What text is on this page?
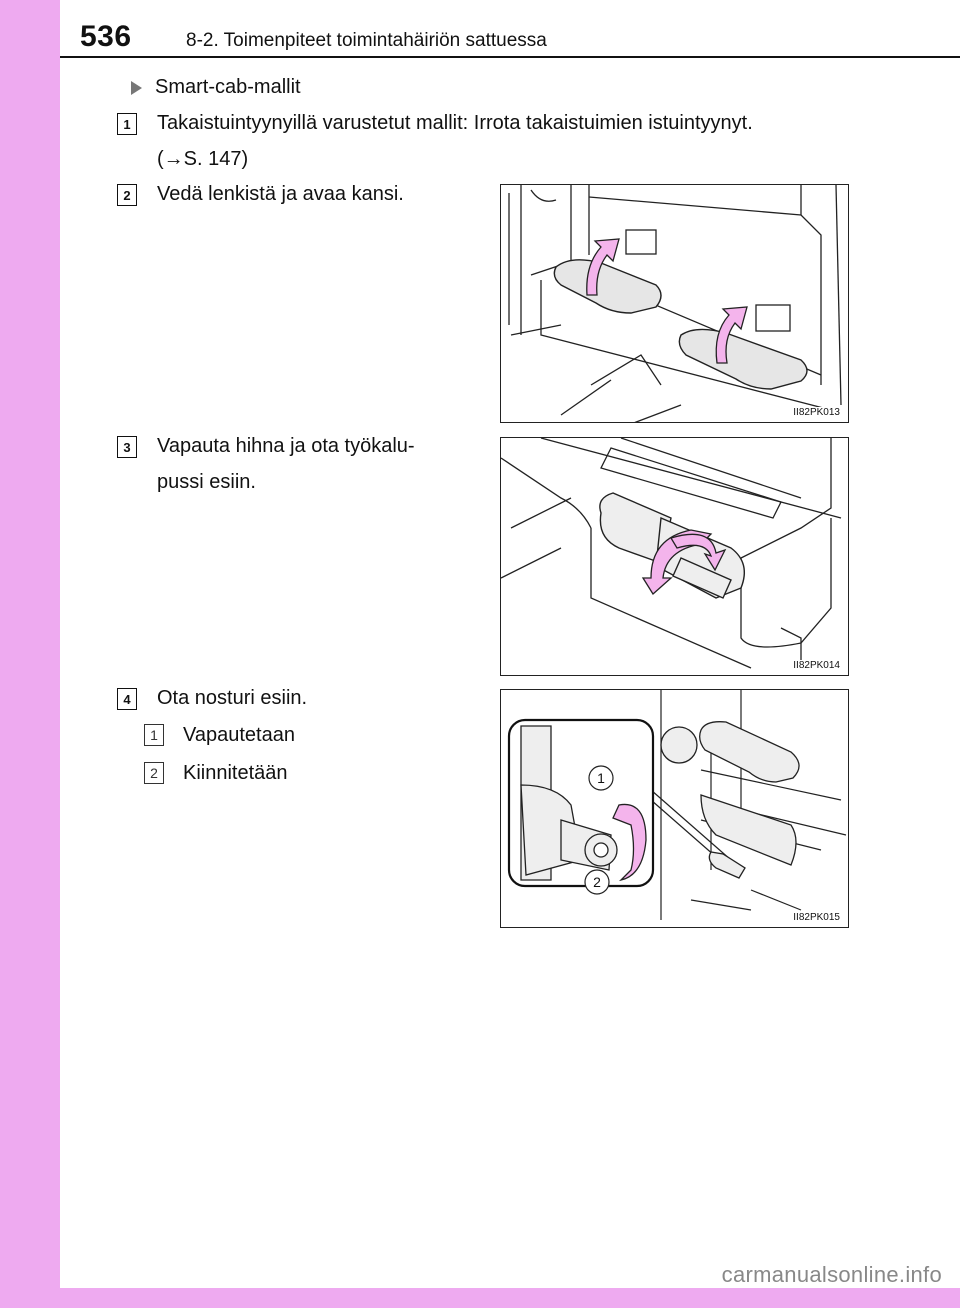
536	8-2. Toimenpiteet toimintahäiriön sattuessa
Smart-cab-mallit
1	Takaistuintyynyillä varustetut mallit: Irrota takaistuimien istuintyynyt.
(→S. 147)
2	Vedä lenkistä ja avaa kansi.
3	Vapauta hihna ja ota työkalu-
pussi esiin.
4	Ota nosturi esiin.
1	Vapautetaan
2	Kiinnitetään
II82PK013
II82PK014
1
2
II82PK015
carmanualsonline.info
